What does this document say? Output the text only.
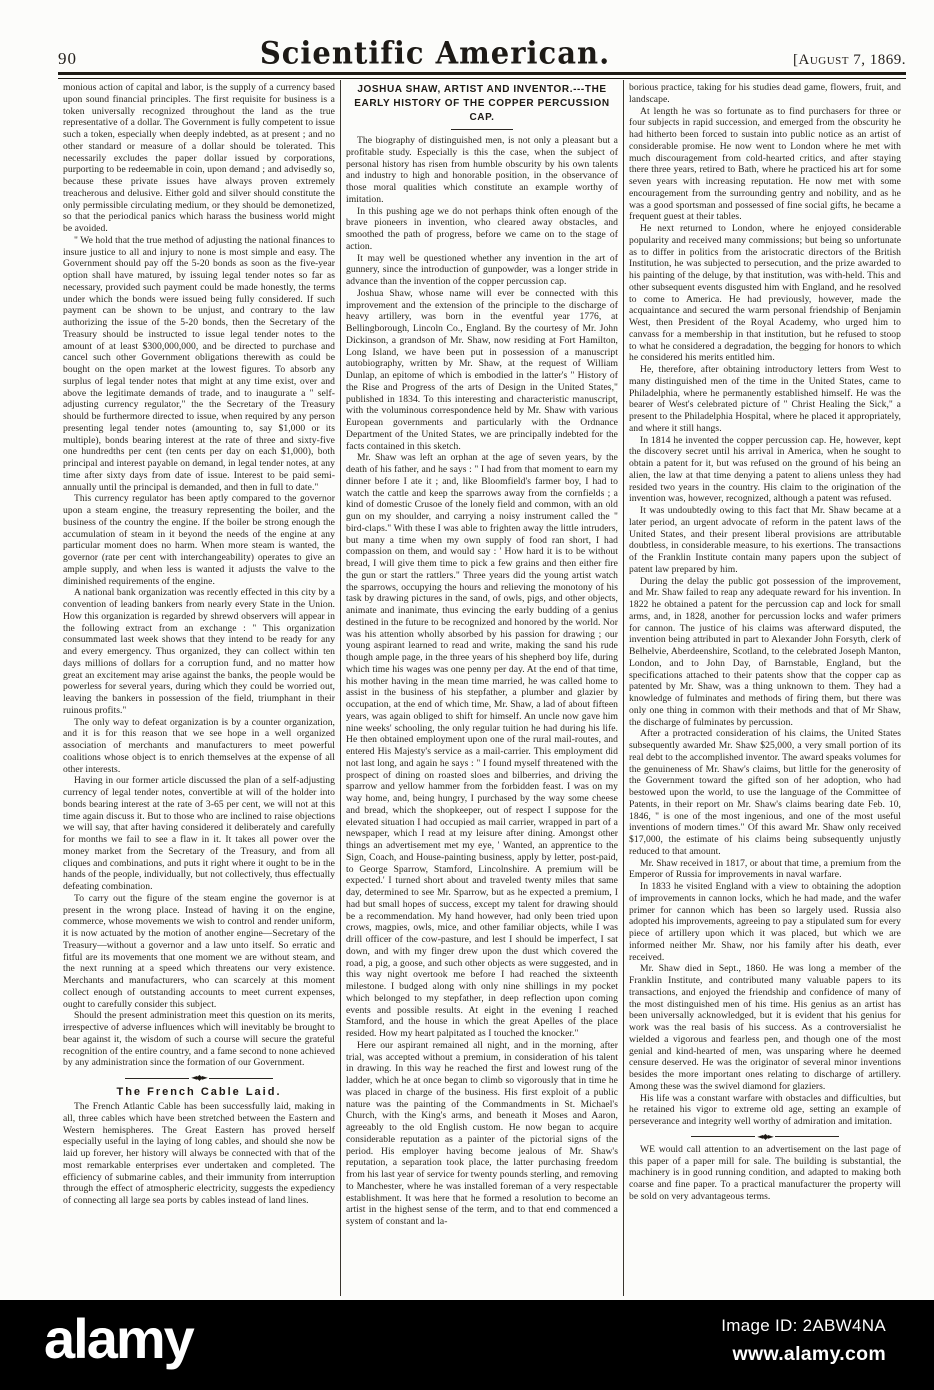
90	Scientific American.	[August 7, 1869.

monious action of capital and labor, is the supply of a currency based upon sound financial principles. The first requisite for business is a token universally recognized throughout the land as the true representative of a dollar. The Government is fully competent to issue such a token, especially when deeply indebted, as at present ; and no other standard or measure of a dollar should be tolerated. This necessarily excludes the paper dollar issued by corporations, purporting to be redeemable in coin, upon demand ; and advisedly so, because these private issues have always proven extremely treacherous and delusive. Either gold and silver should constitute the only permissible circulating medium, or they should be demonetized, so that the periodical panics which harass the business world might be avoided.

" We hold that the true method of adjusting the national finances to insure justice to all and injury to none is most simple and easy. The Government should pay off the 5-20 bonds as soon as the five-year option shall have matured, by issuing legal tender notes so far as necessary, provided such payment could be made honestly, the terms under which the bonds were issued being fully considered. If such payment can be shown to be unjust, and contrary to the law authorizing the issue of the 5-20 bonds, then the Secretary of the Treasury should be instructed to issue legal tender notes to the amount of at least $300,000,000, and be directed to purchase and cancel such other Government obligations therewith as could be bought on the open market at the lowest figures. To absorb any surplus of legal tender notes that might at any time exist, over and above the legitimate demands of trade, and to inaugurate a " self-adjusting currency regulator," the the Secretary of the Treasury should be furthermore directed to issue, when required by any person presenting legal tender notes (amounting to, say $1,000 or its multiple), bonds bearing interest at the rate of three and sixty-five one hundredths per cent (ten cents per day on each $1,000), both principal and interest payable on demand, in legal tender notes, at any time after sixty days from date of issue. Interest to be paid semi-annually until the principal is demanded, and then in full to date."

This currency regulator has been aptly compared to the governor upon a steam engine, the treasury representing the boiler, and the business of the country the engine. If the boiler be strong enough the accumulation of steam in it beyond the needs of the engine at any particular moment does no harm. When more steam is wanted, the governor (rate per cent with interchangeability) operates to give an ample supply, and when less is wanted it adjusts the valve to the diminished requirements of the engine.

A national bank organization was recently effected in this city by a convention of leading bankers from nearly every State in the Union. How this organization is regarded by shrewd observers will appear in the following extract from an exchange : " This organization consummated last week shows that they intend to be ready for any and every emergency. Thus organized, they can collect within ten days millions of dollars for a corruption fund, and no matter how great an excitement may arise against the banks, the people would be powerless for several years, during which they could be worried out, leaving the bankers in possession of the field, triumphant in their ruinous profits."

The only way to defeat organization is by a counter organization, and it is for this reason that we see hope in a well organized association of merchants and manufacturers to meet powerful coalitions whose object is to enrich themselves at the expense of all other interests.

Having in our former article discussed the plan of a self-adjusting currency of legal tender notes, convertible at will of the holder into bonds bearing interest at the rate of 3-65 per cent, we will not at this time again discuss it. But to those who are inclined to raise objections we will say, that after having considered it deliberately and carefully for months we fail to see a flaw in it. It takes all power over the money market from the Secretary of the Treasury, and from all cliques and combinations, and puts it right where it ought to be in the hands of the people, individually, but not collectively, thus effectually defeating combination.

To carry out the figure of the steam engine the governor is at present in the wrong place. Instead of having it on the engine, commerce, whose movements we wish to control and render uniform, it is now actuated by the motion of another engine—Secretary of the Treasury—without a governor and a law unto itself. So erratic and fitful are its movements that one moment we are without steam, and the next running at a speed which threatens our very existence. Merchants and manufacturers, who can scarcely at this moment collect enough of outstanding accounts to meet current expenses, ought to carefully consider this subject.

Should the present administration meet this question on its merits, irrespective of adverse influences which will inevitably be brought to bear against it, the wisdom of such a course will secure the grateful recognition of the entire country, and a fame second to none achieved by any administration since the formation of our Government.

◄◆►
The French Cable Laid.

The French Atlantic Cable has been successfully laid, making in all, three cables which have been stretched between the Eastern and Western hemispheres. The Great Eastern has proved herself especially useful in the laying of long cables, and should she now be laid up forever, her history will always be connected with that of the most remarkable enterprises ever undertaken and completed. The efficiency of submarine cables, and their immunity from interruption through the effect of atmospheric electricity, suggests the expediency of connecting all large sea ports by cables instead of land lines.

JOSHUA SHAW, ARTIST AND INVENTOR.---THE EARLY HISTORY OF THE COPPER PERCUSSION CAP.

The biography of distinguished men, is not only a pleasant but a profitable study. Especially is this the case, when the subject of personal history has risen from humble obscurity by his own talents and industry to high and honorable position, in the observance of those moral qualities which constitute an example worthy of imitation.

In this pushing age we do not perhaps think often enough of the brave pioneers in invention, who cleared away obstacles, and smoothed the path of progress, before we came on to the stage of action.

It may well be questioned whether any invention in the art of gunnery, since the introduction of gunpowder, was a longer stride in advance than the invention of the copper percussion cap.

Joshua Shaw, whose name will ever be connected with this improvement and the extension of the principle to the discharge of heavy artillery, was born in the eventful year 1776, at Bellingborough, Lincoln Co., England. By the courtesy of Mr. John Dickinson, a grandson of Mr. Shaw, now residing at Fort Hamilton, Long Island, we have been put in possession of a manuscript autobiography, written by Mr. Shaw, at the request of William Dunlap, an epitome of which is embodied in the latter's " History of the Rise and Progress of the arts of Design in the United States," published in 1834. To this interesting and characteristic manuscript, with the voluminous correspondence held by Mr. Shaw with various European governments and particularly with the Ordnance Department of the United States, we are principally indebted for the facts contained in this sketch.

Mr. Shaw was left an orphan at the age of seven years, by the death of his father, and he says : " I had from that moment to earn my dinner before I ate it ; and, like Bloomfield's farmer boy, I had to watch the cattle and keep the sparrows away from the cornfields ; a kind of domestic Crusoe of the lonely field and common, with an old gun on my shoulder, and carrying a noisy instrument called the " bird-claps." With these I was able to frighten away the little intruders, but many a time when my own supply of food ran short, I had compassion on them, and would say : ' How hard it is to be without bread, I will give them time to pick a few grains and then either fire the gun or start the rattlers." Three years did the young artist watch the sparrows, occupying the hours and relieving the monotony of his task by drawing pictures in the sand, of owls, pigs, and other objects, animate and inanimate, thus evincing the early budding of a genius destined in the future to be recognized and honored by the world. Nor was his attention wholly absorbed by his passion for drawing ; our young aspirant learned to read and write, making the sand his rude though ample page, in the three years of his shepherd boy life, during which time his wages was one penny per day. At the end of that time, his mother having in the mean time married, he was called home to assist in the business of his stepfather, a plumber and glazier by occupation, at the end of which time, Mr. Shaw, a lad of about fifteen years, was again obliged to shift for himself. An uncle now gave him nine weeks' schooling, the only regular tuition he had during his life. He then obtained employment upon one of the rural mail-routes, and entered His Majesty's service as a mail-carrier. This employment did not last long, and again he says : " I found myself threatened with the prospect of dining on roasted sloes and bilberries, and driving the sparrow and yellow hammer from the forbidden feast. I was on my way home, and, being hungry, I purchased by the way some cheese and bread, which the shopkeeper, out of respect I suppose for the elevated situation I had occupied as mail carrier, wrapped in part of a newspaper, which I read at my leisure after dining. Amongst other things an advertisement met my eye, ' Wanted, an apprentice to the Sign, Coach, and House-painting business, apply by letter, post-paid, to George Sparrow, Stamford, Lincolnshire. A premium will be expected.' I turned short about and traveled twenty miles that same day, determined to see Mr. Sparrow, but as he expected a premium, I had but small hopes of success, except my talent for drawing should be a recommendation. My hand however, had only been tried upon crows, magpies, owls, mice, and other familiar objects, while I was drill officer of the cow-pasture, and lest I should be imperfect, I sat down, and with my finger drew upon the dust which covered the road, a pig, a goose, and such other objects as were suggested, and in this way night overtook me before I had reached the sixteenth milestone. I budged along with only nine shillings in my pocket which belonged to my stepfather, in deep reflection upon coming events and possible results. At eight in the evening I reached Stamford, and the house in which the great Apelles of the place resided. How my heart palpitated as I touched the knocker."

Here our aspirant remained all night, and in the morning, after trial, was accepted without a premium, in consideration of his talent in drawing. In this way he reached the first and lowest rung of the ladder, which he at once began to climb so vigorously that in time he was placed in charge of the business. His first exploit of a public nature was the painting of the Commandments in St. Michael's Church, with the King's arms, and beneath it Moses and Aaron, agreeably to the old English custom. He now began to acquire considerable reputation as a painter of the pictorial signs of the period. His employer having become jealous of Mr. Shaw's reputation, a separation took place, the latter purchasing freedom from his last year of service for twenty pounds sterling, and removing to Manchester, where he was installed foreman of a very respectable establishment. It was here that he formed a resolution to become an artist in the highest sense of the term, and to that end commenced a system of constant and la-

borious practice, taking for his studies dead game, flowers, fruit, and landscape.

At length he was so fortunate as to find purchasers for three or four subjects in rapid succession, and emerged from the obscurity he had hitherto been forced to sustain into public notice as an artist of considerable promise. He now went to London where he met with much discouragement from cold-hearted critics, and after staying there three years, retired to Bath, where he practiced his art for some seven years with increasing reputation. He now met with some encouragement from the surrounding gentry and nobility, and as he was a good sportsman and possessed of fine social gifts, he became a frequent guest at their tables.

He next returned to London, where he enjoyed considerable popularity and received many commissions; but being so unfortunate as to differ in politics from the aristocratic directors of the British Institution, he was subjected to persecution, and the prize awarded to his painting of the deluge, by that institution, was with-held. This and other subsequent events disgusted him with England, and he resolved to come to America. He had previously, however, made the acquaintance and secured the warm personal friendship of Benjamin West, then President of the Royal Academy, who urged him to canvass for a membership in that institution, but he refused to stoop to what he considered a degradation, the begging for honors to which he considered his merits entitled him.

He, therefore, after obtaining introductory letters from West to many distinguished men of the time in the United States, came to Philadelphia, where he permanently established himself. He was the bearer of West's celebrated picture of " Christ Healing the Sick," a present to the Philadelphia Hospital, where he placed it appropriately, and where it still hangs.

In 1814 he invented the copper percussion cap. He, however, kept the discovery secret until his arrival in America, when he sought to obtain a patent for it, but was refused on the ground of his being an alien, the law at that time denying a patent to aliens unless they had resided two years in the country. His claim to the origination of the invention was, however, recognized, although a patent was refused.

It was undoubtedly owing to this fact that Mr. Shaw became at a later period, an urgent advocate of reform in the patent laws of the United States, and their present liberal provisions are attributable doubtless, in considerable measure, to his exertions. The transactions of the Franklin Institute contain many papers upon the subject of patent law prepared by him.

During the delay the public got possession of the improvement, and Mr. Shaw failed to reap any adequate reward for his invention. In 1822 he obtained a patent for the percussion cap and lock for small arms, and, in 1828, another for percussion locks and wafer primers for cannon. The justice of his claims was afterward disputed, the invention being attributed in part to Alexander John Forsyth, clerk of Belhelvie, Aberdeenshire, Scotland, to the celebrated Joseph Manton, London, and to John Day, of Barnstable, England, but the specifications attached to their patents show that the copper cap as patented by Mr. Shaw, was a thing unknown to them. They had a knowledge of fulminates and methods of firing them, but there was only one thing in common with their methods and that of Mr Shaw, the discharge of fulminates by percussion.

After a protracted consideration of his claims, the United States subsequently awarded Mr. Shaw $25,000, a very small portion of its real debt to the accomplished inventor. The award speaks volumes for the genuineness of Mr. Shaw's claims, but little for the generosity of the Government toward the gifted son of her adoption, who had bestowed upon the world, to use the language of the Committee of Patents, in their report on Mr. Shaw's claims bearing date Feb. 10, 1846, " is one of the most ingenious, and one of the most useful inventions of modern times." Of this award Mr. Shaw only received $17,000, the estimate of his claims being subsequently unjustly reduced to that amount.

Mr. Shaw received in 1817, or about that time, a premium from the Emperor of Russia for improvements in naval warfare.

In 1833 he visited England with a view to obtaining the adoption of improvements in cannon locks, which he had made, and the wafer primer for cannon which has been so largely used. Russia also adopted his improvements, agreeing to pay a stipulated sum for every piece of artillery upon which it was placed, but which we are informed neither Mr. Shaw, nor his family after his death, ever received.

Mr. Shaw died in Sept., 1860. He was long a member of the Franklin Institute, and contributed many valuable papers to its transactions, and enjoyed the friendship and confidence of many of the most distinguished men of his time. His genius as an artist has been universally acknowledged, but it is evident that his genius for work was the real basis of his success. As a controversialist he wielded a vigorous and fearless pen, and though one of the most genial and kind-hearted of men, was unsparing where he deemed censure deserved. He was the originator of several minor inventions besides the more important ones relating to discharge of artillery. Among these was the swivel diamond for glaziers.

His life was a constant warfare with obstacles and difficulties, but he retained his vigor to extreme old age, setting an example of perseverance and integrity well worthy of admiration and imitation.

◄◆►

WE would call attention to an advertisement on the last page of this paper of a paper mill for sale. The building is substantial, the machinery is in good running condition, and adapted to making both coarse and fine paper. To a practical manufacturer the property will be sold on very advantageous terms.

alamy	Image ID: 2ABW4NA
www.alamy.com
